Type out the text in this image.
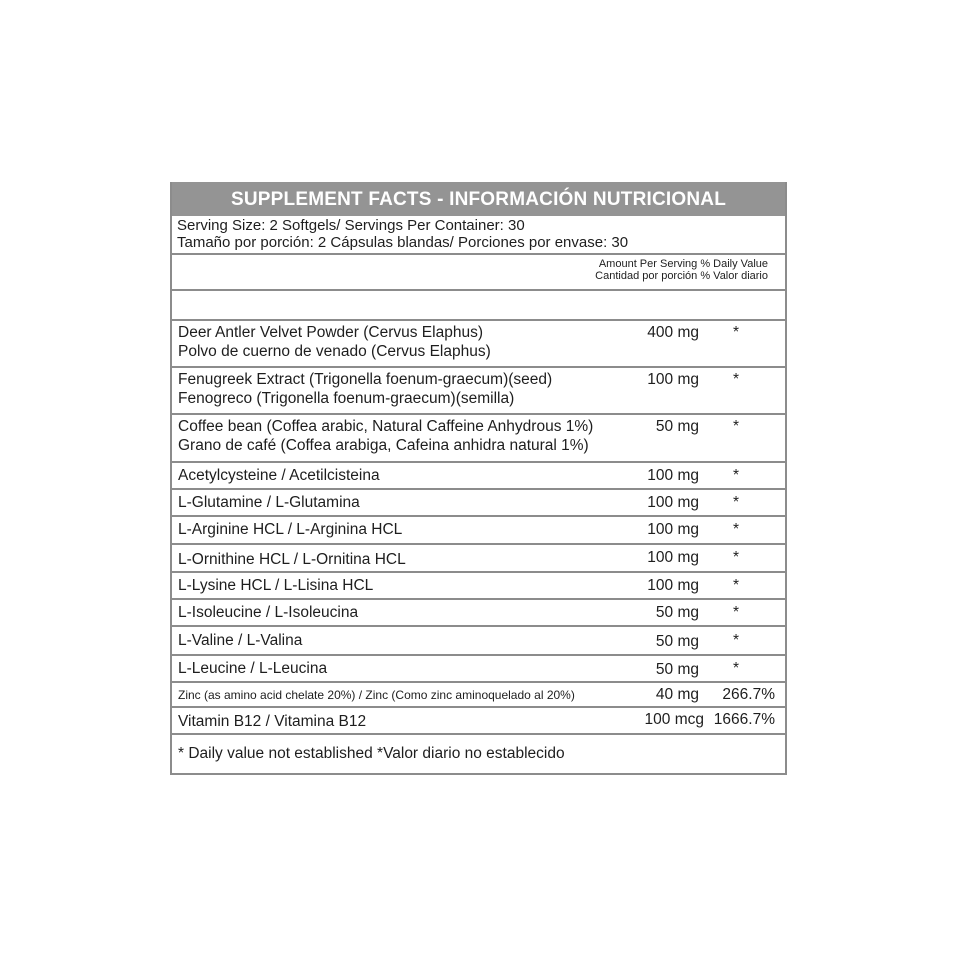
SUPPLEMENT FACTS - INFORMACIÓN NUTRICIONAL
Serving Size: 2 Softgels/ Servings Per Container: 30
Tamaño por porción: 2 Cápsulas blandas/ Porciones por envase: 30
Amount Per Serving % Daily Value
Cantidad por porción % Valor diario
Deer Antler Velvet Powder (Cervus Elaphus)
Polvo de cuerno de venado (Cervus Elaphus)
400 mg	*
Fenugreek Extract (Trigonella foenum-graecum)(seed)
Fenogreco (Trigonella foenum-graecum)(semilla)
100 mg	*
Coffee bean (Coffea arabic, Natural Caffeine Anhydrous 1%)
Grano de café (Coffea arabiga, Cafeina anhidra natural 1%)
50 mg	*
Acetylcysteine / Acetilcisteina	100 mg	*
L-Glutamine / L-Glutamina	100 mg	*
L-Arginine HCL / L-Arginina HCL	100 mg	*
L-Ornithine HCL / L-Ornitina HCL	100 mg	*
L-Lysine HCL / L-Lisina HCL	100 mg	*
L-Isoleucine / L-Isoleucina	50 mg	*
L-Valine / L-Valina	50 mg	*
L-Leucine / L-Leucina	50 mg	*
Zinc (as amino acid chelate 20%) / Zinc (Como zinc aminoquelado al 20%)	40 mg 266.7%
Vitamin B12 / Vitamina B12	100 mcg 1666.7%
* Daily value not established *Valor diario no establecido
